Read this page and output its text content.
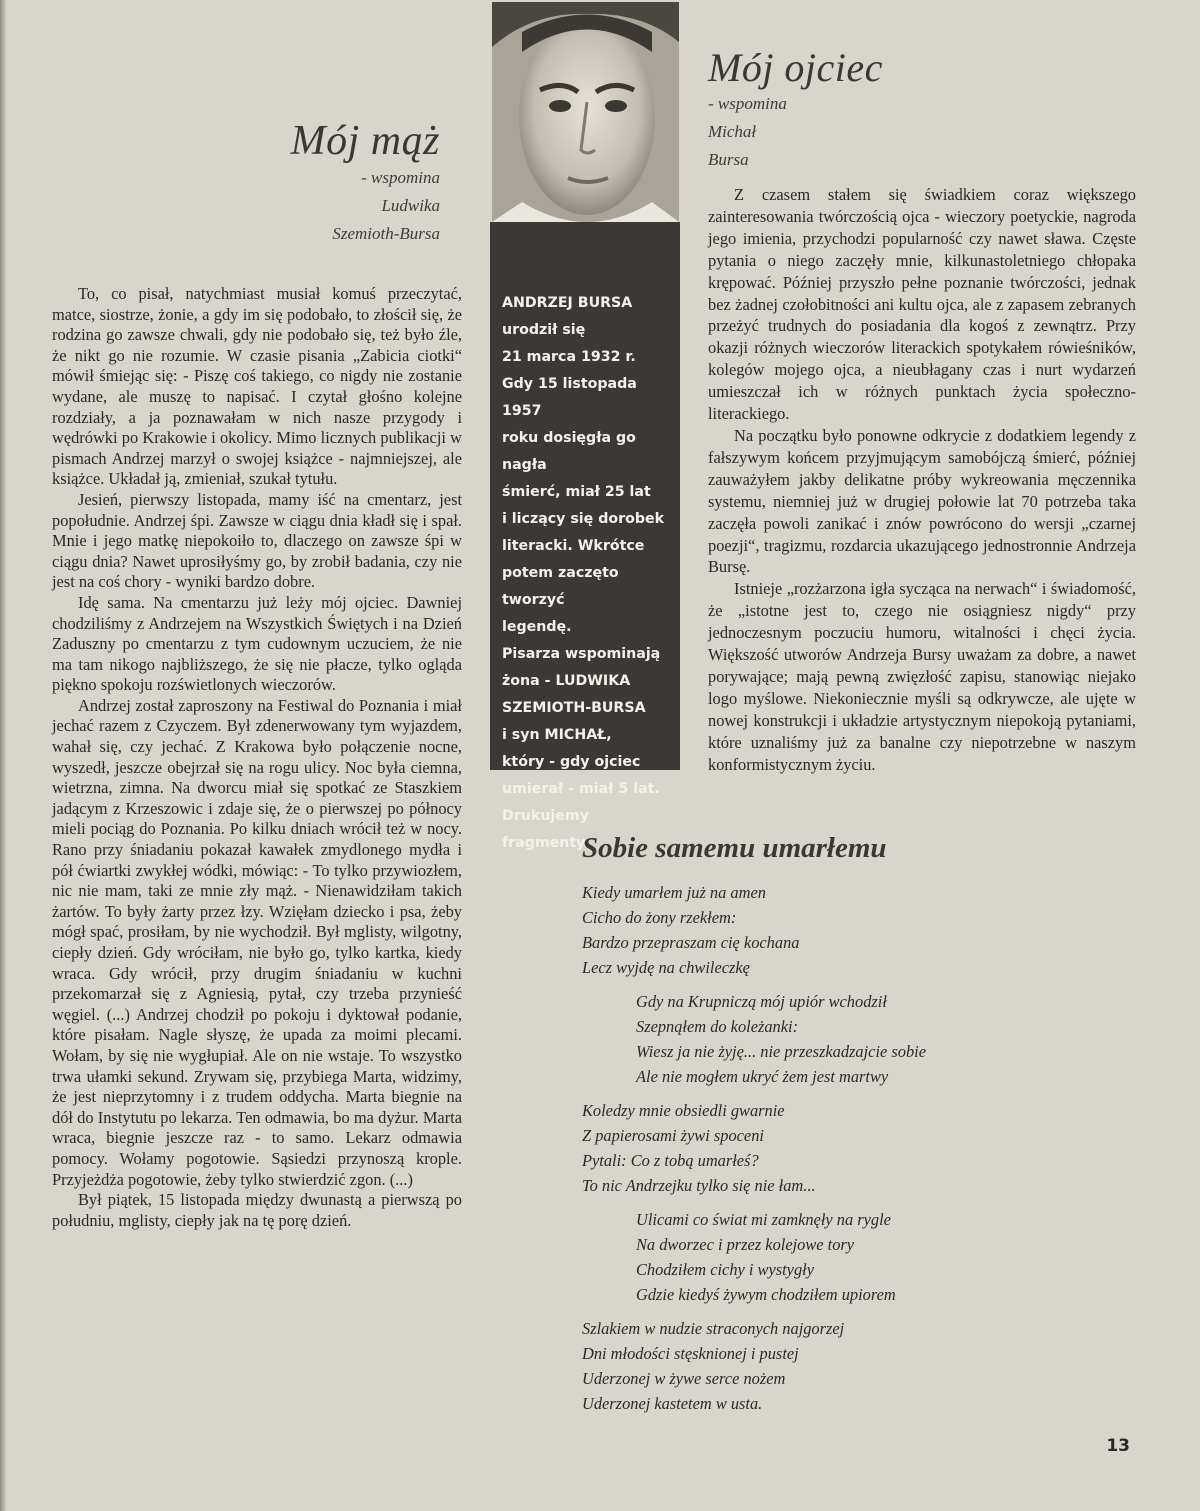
Mój mąż
- wspomina
Ludwika
Szemioth-Bursa

To, co pisał, natychmiast musiał komuś przeczytać, matce, siostrze, żonie, a gdy im się podobało, to złościł się, że rodzina go zawsze chwali, gdy nie podobało się, też było źle, że nikt go nie rozumie. W czasie pisania „Zabicia ciotki“ mówił śmiejąc się: - Piszę coś takiego, co nigdy nie zostanie wydane, ale muszę to napisać. I czytał głośno kolejne rozdziały, a ja poznawałam w nich nasze przygody i wędrówki po Krakowie i okolicy. Mimo licznych publikacji w pismach Andrzej marzył o swojej książce - najmniejszej, ale książce. Układał ją, zmieniał, szukał tytułu.

Jesień, pierwszy listopada, mamy iść na cmentarz, jest popołudnie. Andrzej śpi. Zawsze w ciągu dnia kładł się i spał. Mnie i jego matkę niepokoiło to, dlaczego on zawsze śpi w ciągu dnia? Nawet uprosiłyśmy go, by zrobił badania, czy nie jest na coś chory - wyniki bardzo dobre.

Idę sama. Na cmentarzu już leży mój ojciec. Dawniej chodziliśmy z Andrzejem na Wszystkich Świętych i na Dzień Zaduszny po cmentarzu z tym cudownym uczuciem, że nie ma tam nikogo najbliższego, że się nie płacze, tylko ogląda piękno spokoju rozświetlonych wieczorów.

Andrzej został zaproszony na Festiwal do Poznania i miał jechać razem z Czyczem. Był zdenerwowany tym wyjazdem, wahał się, czy jechać. Z Krakowa było połączenie nocne, wyszedł, jeszcze obejrzał się na rogu ulicy. Noc była ciemna, wietrzna, zimna. Na dworcu miał się spotkać ze Staszkiem jadącym z Krzeszowic i zdaje się, że o pierwszej po północy mieli pociąg do Poznania. Po kilku dniach wrócił też w nocy. Rano przy śniadaniu pokazał kawałek zmydlonego mydła i pół ćwiartki zwykłej wódki, mówiąc: - To tylko przywiozłem, nic nie mam, taki ze mnie zły mąż. - Nienawidziłam takich żartów. To były żarty przez łzy. Wzięłam dziecko i psa, żeby mógł spać, prosiłam, by nie wychodził. Był mglisty, wilgotny, ciepły dzień. Gdy wróciłam, nie było go, tylko kartka, kiedy wraca. Gdy wrócił, przy drugim śniadaniu w kuchni przekomarzał się z Agniesią, pytał, czy trzeba przynieść węgiel. (...) Andrzej chodził po pokoju i dyktował podanie, które pisałam. Nagle słyszę, że upada za moimi plecami. Wołam, by się nie wygłupiał. Ale on nie wstaje. To wszystko trwa ułamki sekund. Zrywam się, przybiega Marta, widzimy, że jest nieprzytomny i z trudem oddycha. Marta biegnie na dół do Instytutu po lekarza. Ten odmawia, bo ma dyżur. Marta wraca, biegnie jeszcze raz - to samo. Lekarz odmawia pomocy. Wołamy pogotowie. Sąsiedzi przynoszą krople. Przyjeżdża pogotowie, żeby tylko stwierdzić zgon. (...)

Był piątek, 15 listopada między dwunastą a pierwszą po południu, mglisty, ciepły jak na tę porę dzień.

ANDRZEJ BURSA
urodził się
21 marca 1932 r.
Gdy 15 listopada 1957
roku dosięgła go nagła
śmierć, miał 25 lat
i liczący się dorobek
literacki. Wkrótce
potem zaczęto tworzyć
legendę.
Pisarza wspominają
żona - LUDWIKA
SZEMIOTH-BURSA
i syn MICHAŁ,
który - gdy ojciec
umierał - miał 5 lat.
Drukujemy fragmenty.
Mój ojciec
- wspomina
Michał
Bursa

Z czasem stałem się świadkiem coraz większego zainteresowania twórczością ojca - wieczory poetyckie, nagroda jego imienia, przychodzi popularność czy nawet sława. Częste pytania o niego zaczęły mnie, kilkunastoletniego chłopaka krępować. Później przyszło pełne poznanie twórczości, jednak bez żadnej czołobitności ani kultu ojca, ale z zapasem zebranych przeżyć trudnych do posiadania dla kogoś z zewnątrz. Przy okazji różnych wieczorów literackich spotykałem rówieśników, kolegów mojego ojca, a nieubłagany czas i nurt wydarzeń umieszczał ich w różnych punktach życia społeczno-literackiego.

Na początku było ponowne odkrycie z dodatkiem legendy z fałszywym końcem przyjmującym samobójczą śmierć, później zauważyłem jakby delikatne próby wykreowania męczennika systemu, niemniej już w drugiej połowie lat 70 potrzeba taka zaczęła powoli zanikać i znów powrócono do wersji „czarnej poezji“, tragizmu, rozdarcia ukazującego jednostronnie Andrzeja Bursę.

Istnieje „rozżarzona igła sycząca na nerwach“ i świadomość, że „istotne jest to, czego nie osiągniesz nigdy“ przy jednoczesnym poczuciu humoru, witalności i chęci życia. Większość utworów Andrzeja Bursy uważam za dobre, a nawet porywające; mają pewną zwięzłość zapisu, stanowiąc niejako logo myślowe. Niekoniecznie myśli są odkrywcze, ale ujęte w nowej konstrukcji i układzie artystycznym niepokoją pytaniami, które uznaliśmy już za banalne czy niepotrzebne w naszym konformistycznym życiu.

Sobie samemu umarłemu
Kiedy umarłem już na amen
Cicho do żony rzekłem:
Bardzo przepraszam cię kochana
Lecz wyjdę na chwileczkę
Gdy na Krupniczą mój upiór wchodził
Szepnąłem do koleżanki:
Wiesz ja nie żyję... nie przeszkadzajcie sobie
Ale nie mogłem ukryć żem jest martwy
Koledzy mnie obsiedli gwarnie
Z papierosami żywi spoceni
Pytali: Co z tobą umarłeś?
To nic Andrzejku tylko się nie łam...
Ulicami co świat mi zamknęły na rygle
Na dworzec i przez kolejowe tory
Chodziłem cichy i wystygły
Gdzie kiedyś żywym chodziłem upiorem
Szlakiem w nudzie straconych najgorzej
Dni młodości stęsknionej i pustej
Uderzonej w żywe serce nożem
Uderzonej kastetem w usta.
13
